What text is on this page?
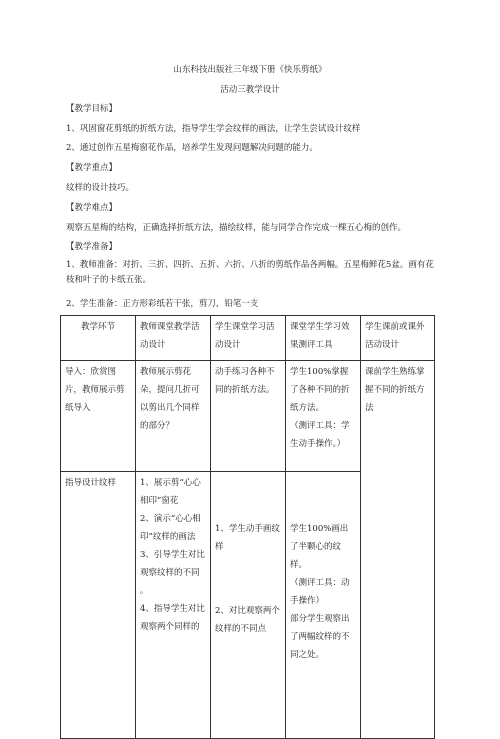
山东科技出版社三年级下册《快乐剪纸》
活动三教学设计
【教学目标】
1、巩固窗花剪纸的折纸方法，指导学生学会纹样的画法，让学生尝试设计纹样
2、通过创作五星梅窗花作品，培养学生发现问题解决问题的能力。
【教学重点】
纹样的设计技巧。
【教学难点】
观察五星梅的结构，正确选择折纸方法，描绘纹样，能与同学合作完成一棵五心梅的创作。
【教学准备】
1、教师准备：对折、三折、四折、五折、六折、八折的剪纸作品各两幅。五星梅鲜花5盆。画有花枝和叶子的卡纸五张。
2、学生准备：正方形彩纸若干张，剪刀，铅笔一支
教学环节	教师课堂教学活动设计	学生课堂学习活动设计	课堂学生学习效果测评工具	学生课前或课外活动设计
导入：欣赏图片，教师展示剪纸导入	教师展示剪花朵，提问几折可以剪出几个同样的部分？	动手练习各种不同的折纸方法。	学生100%掌握了各种不同的折纸方法。
（测评工具：学生动手操作。）	课前学生熟练掌握不同的折纸方法
指导设计纹样	1、展示剪“心心相印”窗花
2、演示“心心相印”纹样的画法
3、引导学生对比观察纹样的不同
。
4、指导学生对比观察两个同样的	1、学生动手画纹样
2、对比观察两个纹样的不同点	学生100%画出了半颗心的纹样。
（测评工具：动手操作）
部分学生观察出了两幅纹样的不同之处。	
